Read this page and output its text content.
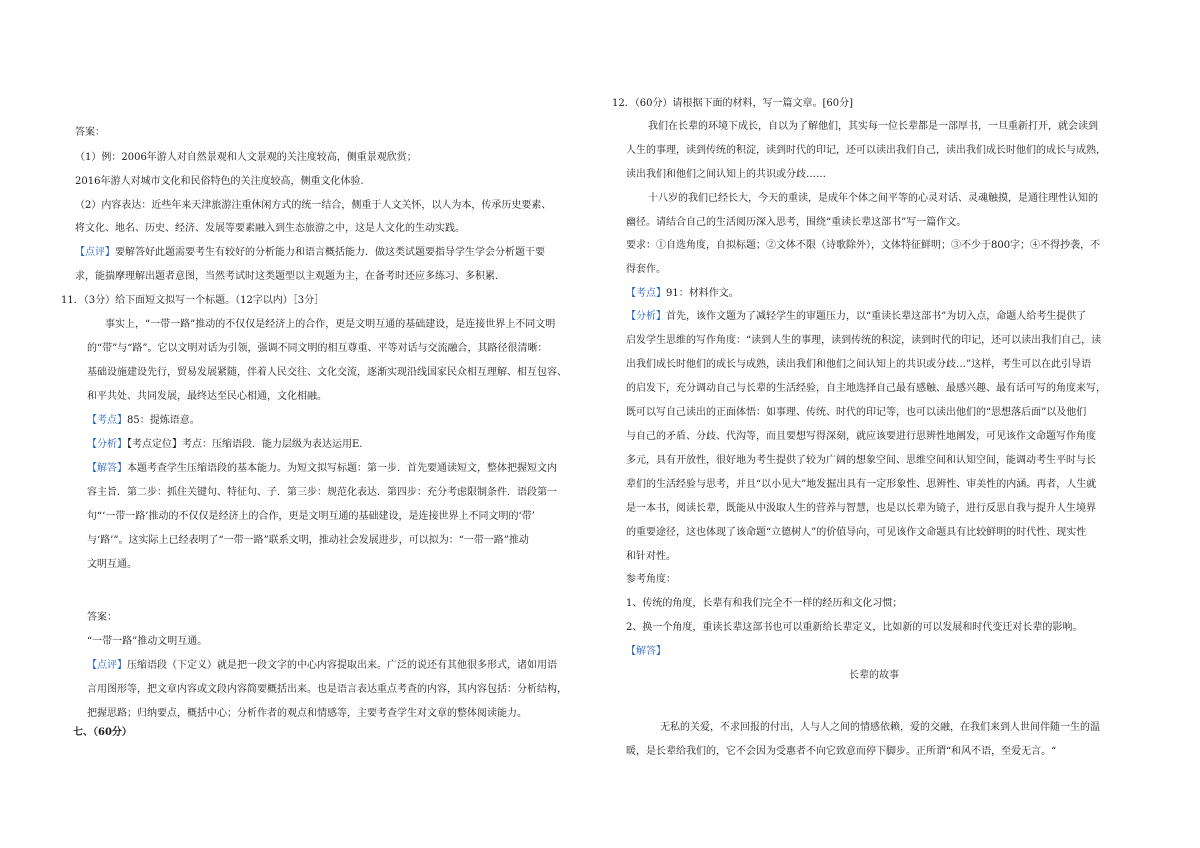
答案：
（1）例：2006年游人对自然景观和人文景观的关注度较高，侧重景观欣赏；
2016年游人对城市文化和民俗特色的关注度较高，侧重文化体验.
（2）内容表达：近些年来天津旅游注重休闲方式的统一结合，侧重于人文关怀，以人为本，传承历史要素、
将文化、地名、历史、经济、发展等要素融入到生态旅游之中，这是人文化的生动实践。
【点评】要解答好此题需要考生有较好的分析能力和语言概括能力．做这类试题要指导学生学会分析题干要
求，能揣摩理解出题者意图，当然考试时这类题型以主观题为主，在备考时还应多练习、多积累．
11．（3分）给下面短文拟写一个标题。（12字以内）［3分］
事实上，“一带一路”推动的不仅仅是经济上的合作，更是文明互通的基础建设，是连接世界上不同文明
的“带”与“路”。它以文明对话为引领，强调不同文明的相互尊重、平等对话与交流融合，其路径很清晰：
基础设施建设先行，贸易发展紧随，伴着人民交往、文化交流，逐渐实现沿线国家民众相互理解、相互包容、
和平共处、共同发展，最终达至民心相通，文化相融。
【考点】85：提炼语意。
【分析】【考点定位】考点：压缩语段．能力层级为表达运用E.
【解答】本题考查学生压缩语段的基本能力。为短文拟写标题：第一步．首先要通读短文，整体把握短文内
容主旨．第二步：抓住关键句、特征句、子．第三步：规范化表达．第四步：充分考虑限制条件．语段第一
句“‘一带一路’推动的不仅仅是经济上的合作，更是文明互通的基础建设，是连接世界上不同文明的‘带’
与‘路’”。这实际上已经表明了“一带一路”联系文明，推动社会发展进步，可以拟为：“一带一路”推动
文明互通。
答案：
“一带一路”推动文明互通。
【点评】压缩语段（下定义）就是把一段文字的中心内容提取出来。广泛的说还有其他很多形式，诸如用语
言用图形等，把文章内容或文段内容简要概括出来。也是语言表达重点考查的内容，其内容包括：分析结构，
把握思路；归纳要点，概括中心；分析作者的观点和情感等，主要考查学生对文章的整体阅读能力。
七、（60分）
12．（60分）请根据下面的材料，写一篇文章。[60分]
我们在长辈的环境下成长，自以为了解他们，其实每一位长辈都是一部厚书，一旦重新打开，就会读到
人生的事理，读到传统的积淀，读到时代的印记，还可以读出我们自己，读出我们成长时他们的成长与成熟，
读出我们和他们之间认知上的共识或分歧……
十八岁的我们已经长大，今天的重读，是成年个体之间平等的心灵对话、灵魂触摸，是通往理性认知的
幽径。请结合自己的生活阅历深入思考，围绕“重读长辈这部书”写一篇作文。
要求：①自选角度，自拟标题；②文体不限（诗歌除外），文体特征鲜明；③不少于800字；④不得抄袭，不
得套作。
【考点】91：材料作文。
【分析】首先，该作文题为了减轻学生的审题压力，以“重读长辈这部书”为切入点，命题人给考生提供了
启发学生思维的写作角度：“读到人生的事理，读到传统的积淀，读到时代的印记，还可以读出我们自己，读
出我们成长时他们的成长与成熟，读出我们和他们之间认知上的共识或分歧…”这样，考生可以在此引导语
的启发下，充分调动自己与长辈的生活经验，自主地选择自己最有感触、最感兴趣、最有话可写的角度来写，
既可以写自己读出的正面体悟：如事理、传统、时代的印记等，也可以读出他们的“思想落后面”以及他们
与自己的矛盾、分歧、代沟等，而且要想写得深刻，就应该要进行思辨性地阐发，可见该作文命题写作角度
多元，具有开放性，很好地为考生提供了较为广阔的想象空间、思维空间和认知空间，能调动考生平时与长
辈们的生活经验与思考，并且“以小见大”地发掘出具有一定形象性、思辨性、审美性的内涵。再者，人生就
是一本书，阅读长辈，既能从中汲取人生的营养与智慧，也是以长辈为镜子，进行反思自我与提升人生境界
的重要途径，这也体现了该命题“立德树人”的价值导向，可见该作文命题具有比较鲜明的时代性、现实性
和针对性。
参考角度：
1、传统的角度，长辈有和我们完全不一样的经历和文化习惯；
2、换一个角度，重读长辈这部书也可以重新给长辈定义，比如新的可以发展和时代变迁对长辈的影响。
【解答】
长辈的故事
无私的关爱，不求回报的付出，人与人之间的情感依赖，爱的交融，在我们来到人世间伴随一生的温
暖，是长辈给我们的，它不会因为受惠者不向它致意而停下脚步。正所谓“和风不语，至爱无言。“
